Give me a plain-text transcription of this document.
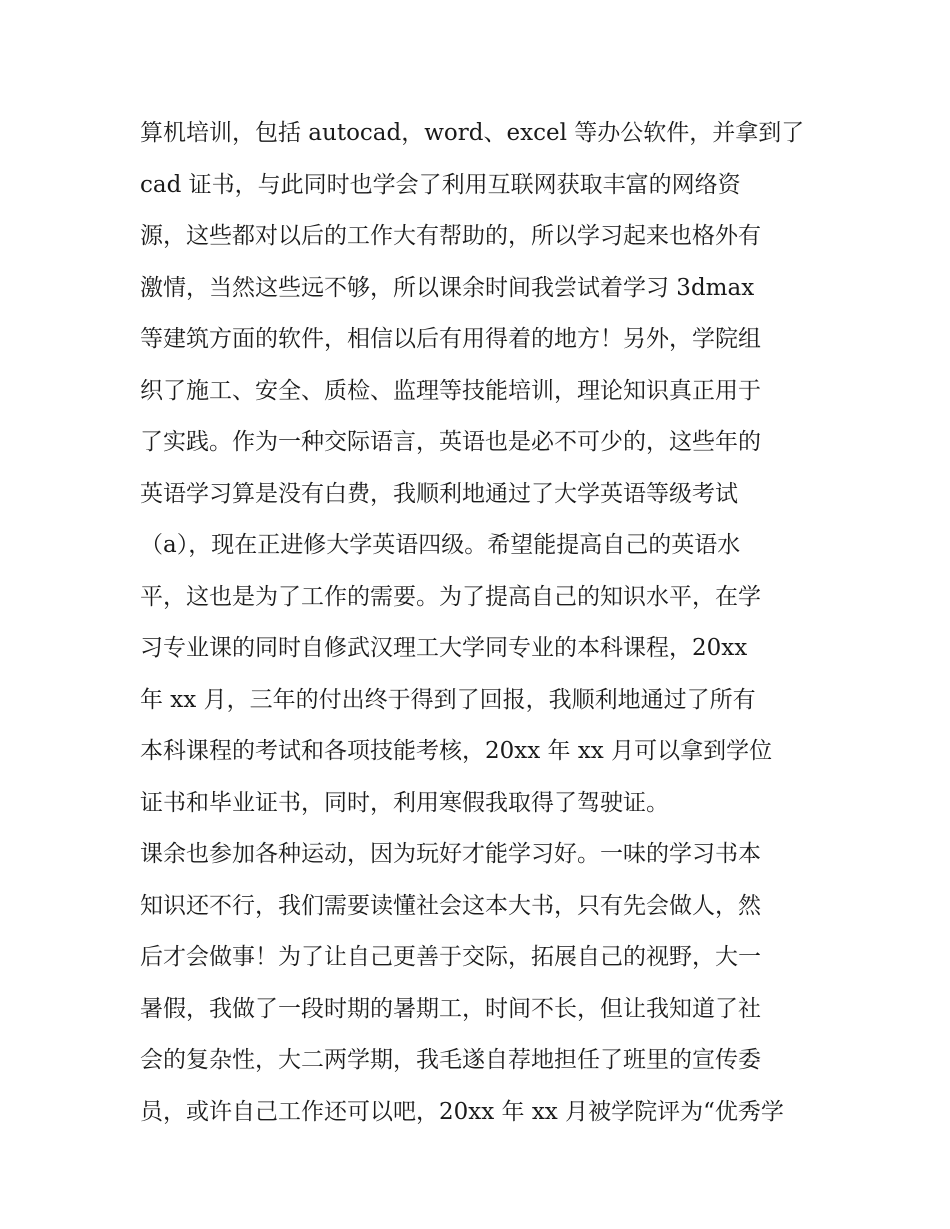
算机培训，包括 autocad，word、excel 等办公软件，并拿到了
cad 证书，与此同时也学会了利用互联网获取丰富的网络资
源，这些都对以后的工作大有帮助的，所以学习起来也格外有
激情，当然这些远不够，所以课余时间我尝试着学习 3dmax
等建筑方面的软件，相信以后有用得着的地方！另外，学院组
织了施工、安全、质检、监理等技能培训，理论知识真正用于
了实践。作为一种交际语言，英语也是必不可少的，这些年的
英语学习算是没有白费，我顺利地通过了大学英语等级考试
（a），现在正进修大学英语四级。希望能提高自己的英语水
平，这也是为了工作的需要。为了提高自己的知识水平，在学
习专业课的同时自修武汉理工大学同专业的本科课程，20xx
年 xx 月，三年的付出终于得到了回报，我顺利地通过了所有
本科课程的考试和各项技能考核，20xx 年 xx 月可以拿到学位
证书和毕业证书，同时，利用寒假我取得了驾驶证。
课余也参加各种运动，因为玩好才能学习好。一味的学习书本
知识还不行，我们需要读懂社会这本大书，只有先会做人，然
后才会做事！为了让自己更善于交际，拓展自己的视野，大一
暑假，我做了一段时期的暑期工，时间不长，但让我知道了社
会的复杂性，大二两学期，我毛遂自荐地担任了班里的宣传委
员，或许自己工作还可以吧，20xx 年 xx 月被学院评为“优秀学
